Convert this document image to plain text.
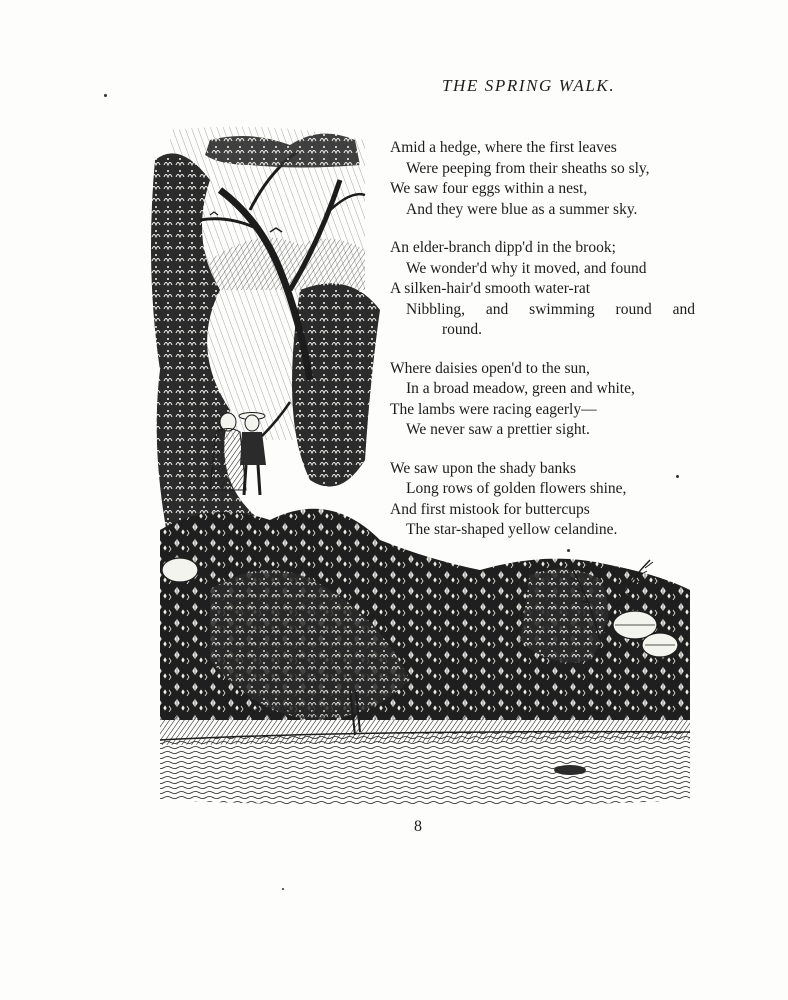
THE SPRING WALK.
Amid a hedge, where the first leaves
Were peeping from their sheaths so sly,
We saw four eggs within a nest,
And they were blue as a summer sky.
An elder-branch dipp'd in the brook;
We wonder'd why it moved, and found
A silken-hair'd smooth water-rat
Nibbling, and swimming round and
round.
Where daisies open'd to the sun,
In a broad meadow, green and white,
The lambs were racing eagerly—
We never saw a prettier sight.
We saw upon the shady banks
Long rows of golden flowers shine,
And first mistook for buttercups
The star-shaped yellow celandine.
8
